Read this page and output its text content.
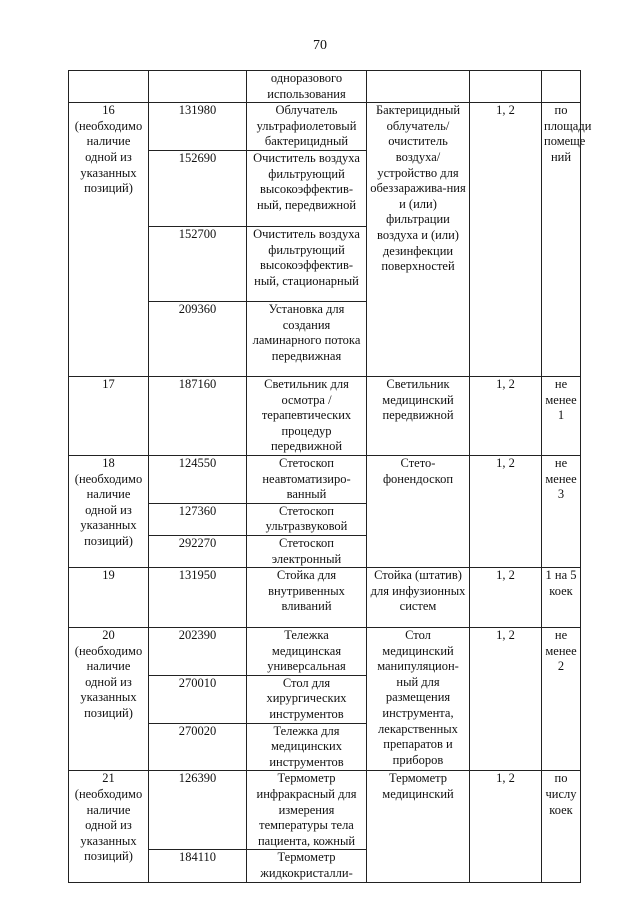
70
		одноразового использования			
16 (необходимо наличие одной из указанных позиций)	131980	Облучатель ультрафиолетовый бактерицидный	Бактерицидный облучатель/ очиститель воздуха/ устройство для обеззаражива-ния и (или) фильтрации воздуха и (или) дезинфекции поверхностей	1, 2	по площади помеще ний
	152690	Очиститель воздуха фильтрующий высокоэффектив-ный, передвижной			
	152700	Очиститель воздуха фильтрующий высокоэффектив-ный, стационарный			
	209360	Установка для создания ламинарного потока передвижная			
17	187160	Светильник для осмотра /терапевтических процедур передвижной	Светильник медицинский передвижной	1, 2	не менее 1
18 (необходимо наличие одной из указанных позиций)	124550	Стетоскоп неавтоматизиро-ванный	Стето-фонендоскоп	1, 2	не менее 3
	127360	Стетоскоп ультразвуковой			
	292270	Стетоскоп электронный			
19	131950	Стойка для внутривенных вливаний	Стойка (штатив) для инфузионных систем	1, 2	1 на 5 коек
20 (необходимо наличие одной из указанных позиций)	202390	Тележка медицинская универсальная	Стол медицинский манипуляцион-ный для размещения инструмента, лекарственных препаратов и приборов	1, 2	не менее 2
	270010	Стол для хирургических инструментов			
	270020	Тележка для медицинских инструментов			
21 (необходимо наличие одной из указанных позиций)	126390	Термометр инфракрасный для измерения температуры тела пациента, кожный	Термометр медицинский	1, 2	по числу коек
	184110	Термометр жидкокристалли-			
